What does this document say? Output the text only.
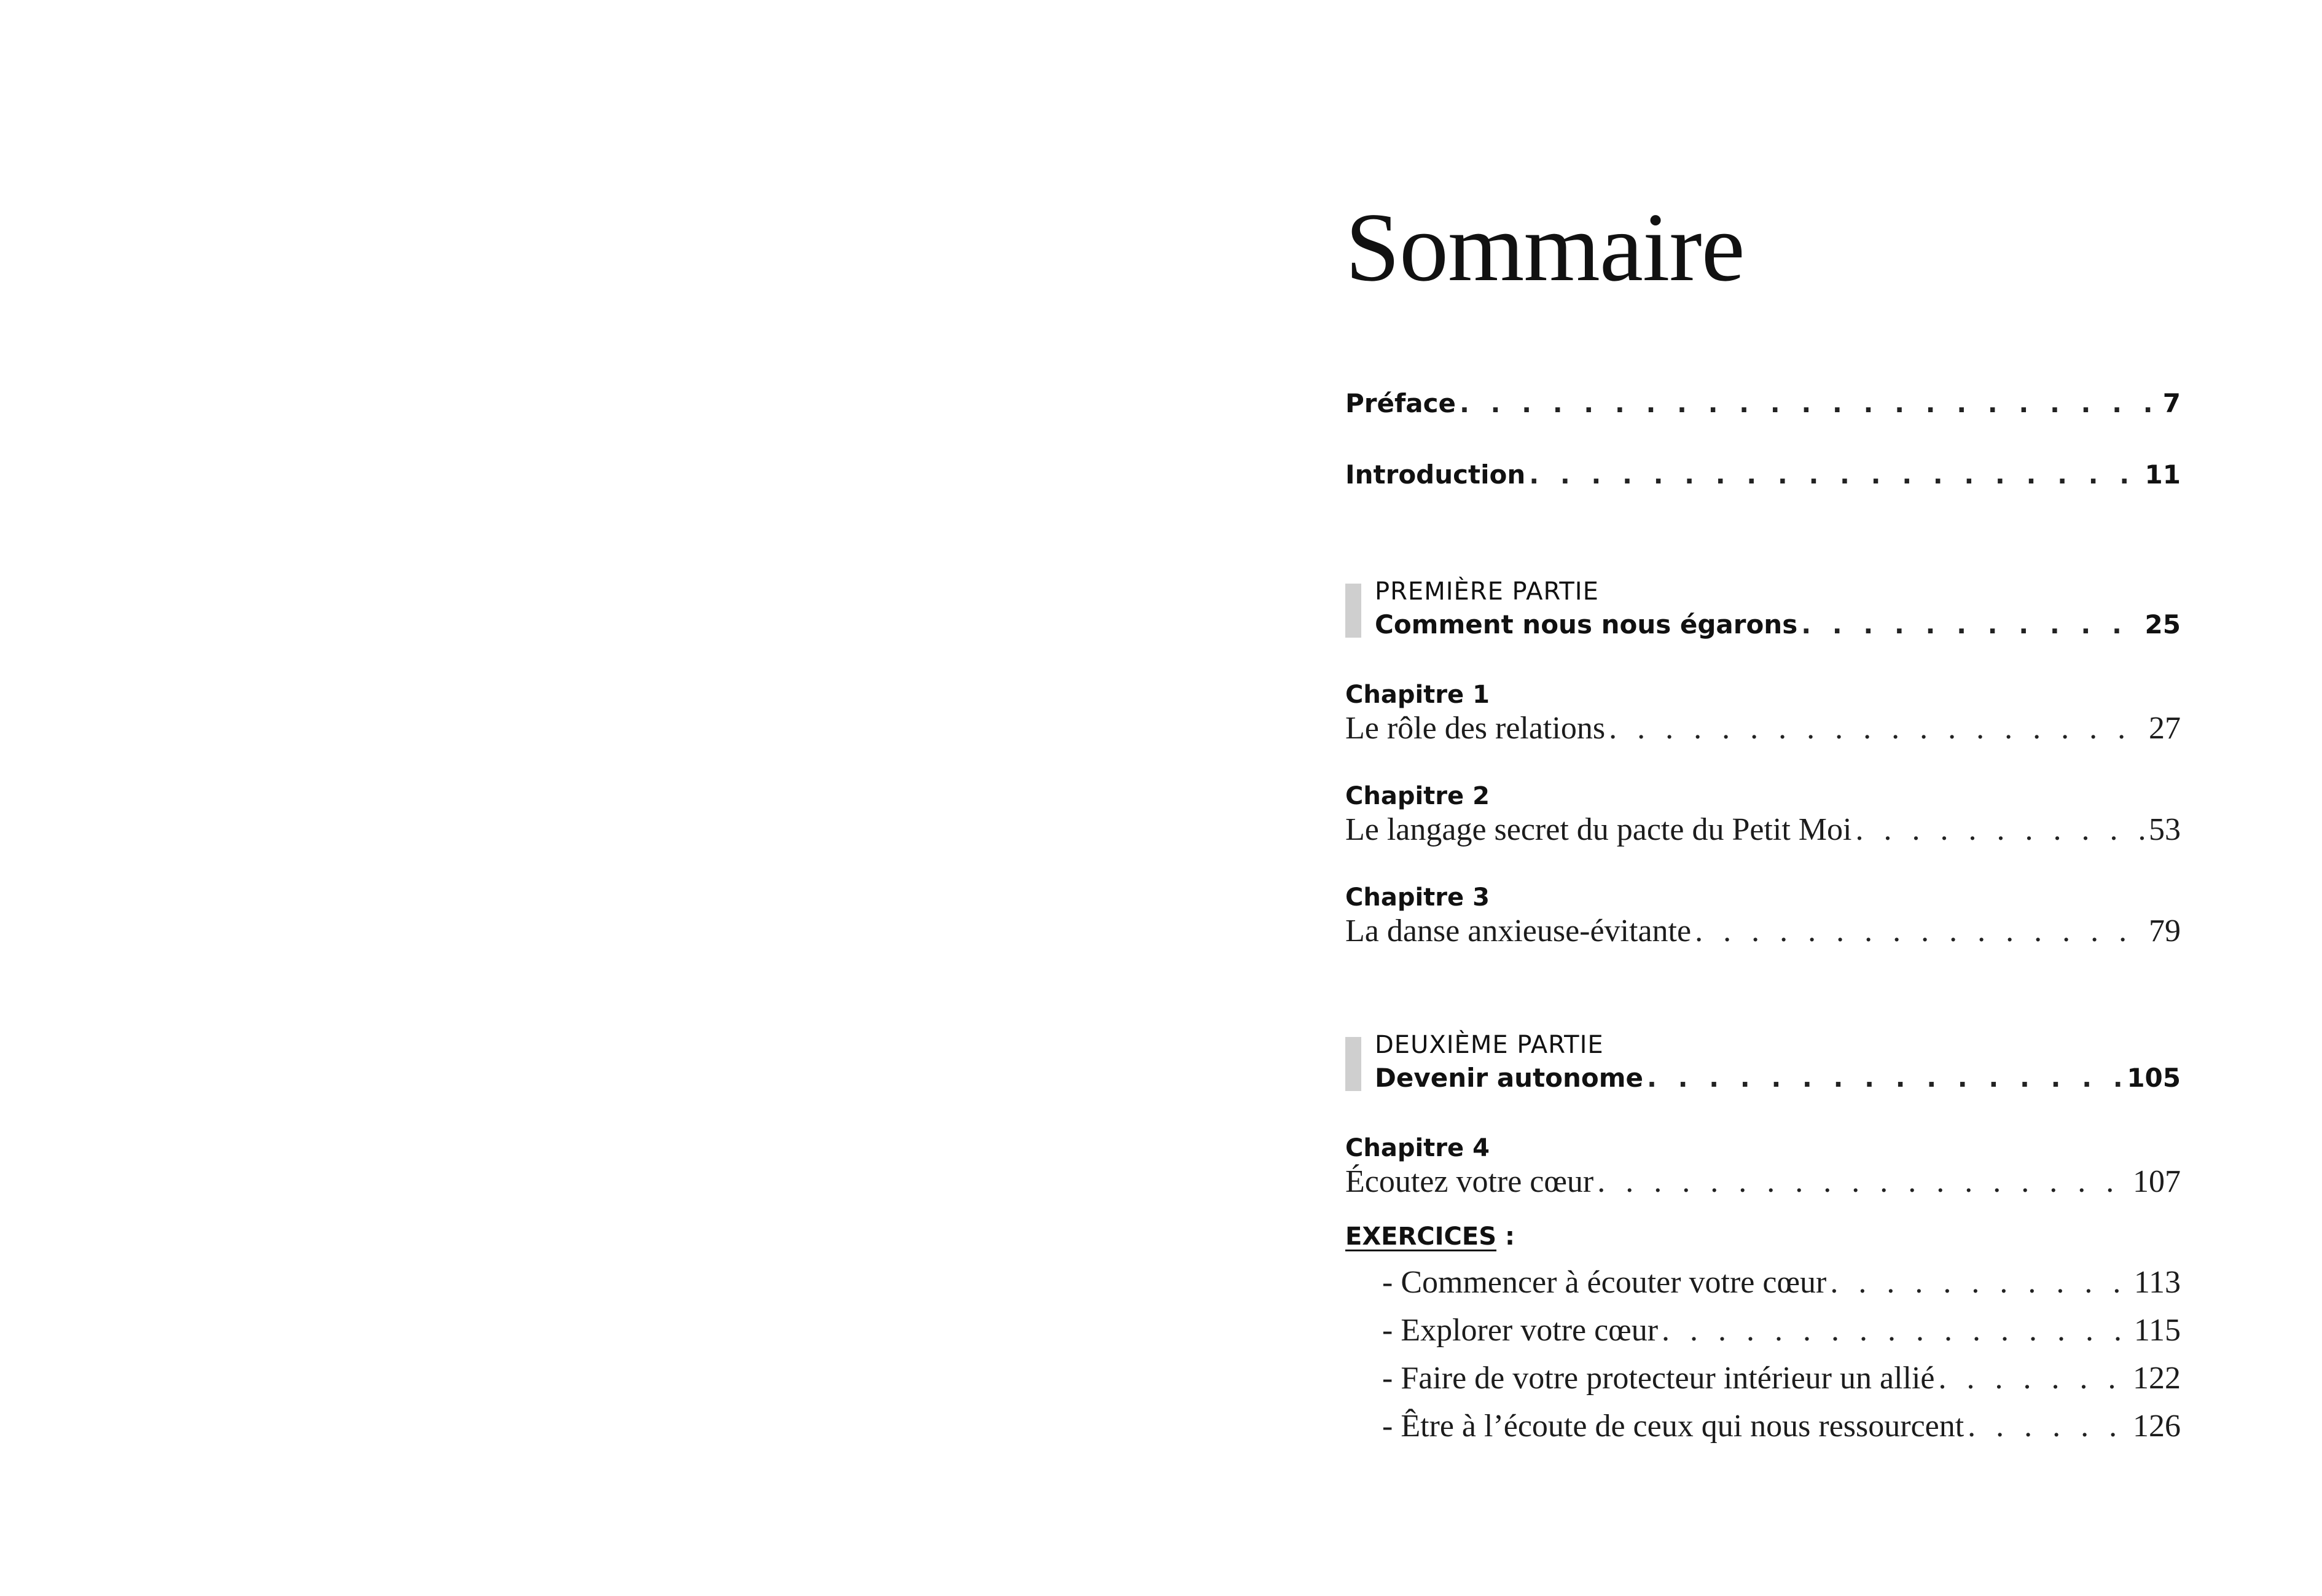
Sommaire
Préface . . .	7
Introduction . . .	11
PREMIÈRE PARTIE
Comment nous nous égarons . . .	25
Chapitre 1
Le rôle des relations . . .	27
Chapitre 2
Le langage secret du pacte du Petit Moi . . .	53
Chapitre 3
La danse anxieuse-évitante . . .	79
DEUXIÈME PARTIE
Devenir autonome . . .	105
Chapitre 4
Écoutez votre cœur . . .	107
EXERCICES :
- Commencer à écouter votre cœur . . .	113
- Explorer votre cœur . . .	115
- Faire de votre protecteur intérieur un allié . . .	122
- Être à l’écoute de ceux qui nous ressourcent . . .	126
